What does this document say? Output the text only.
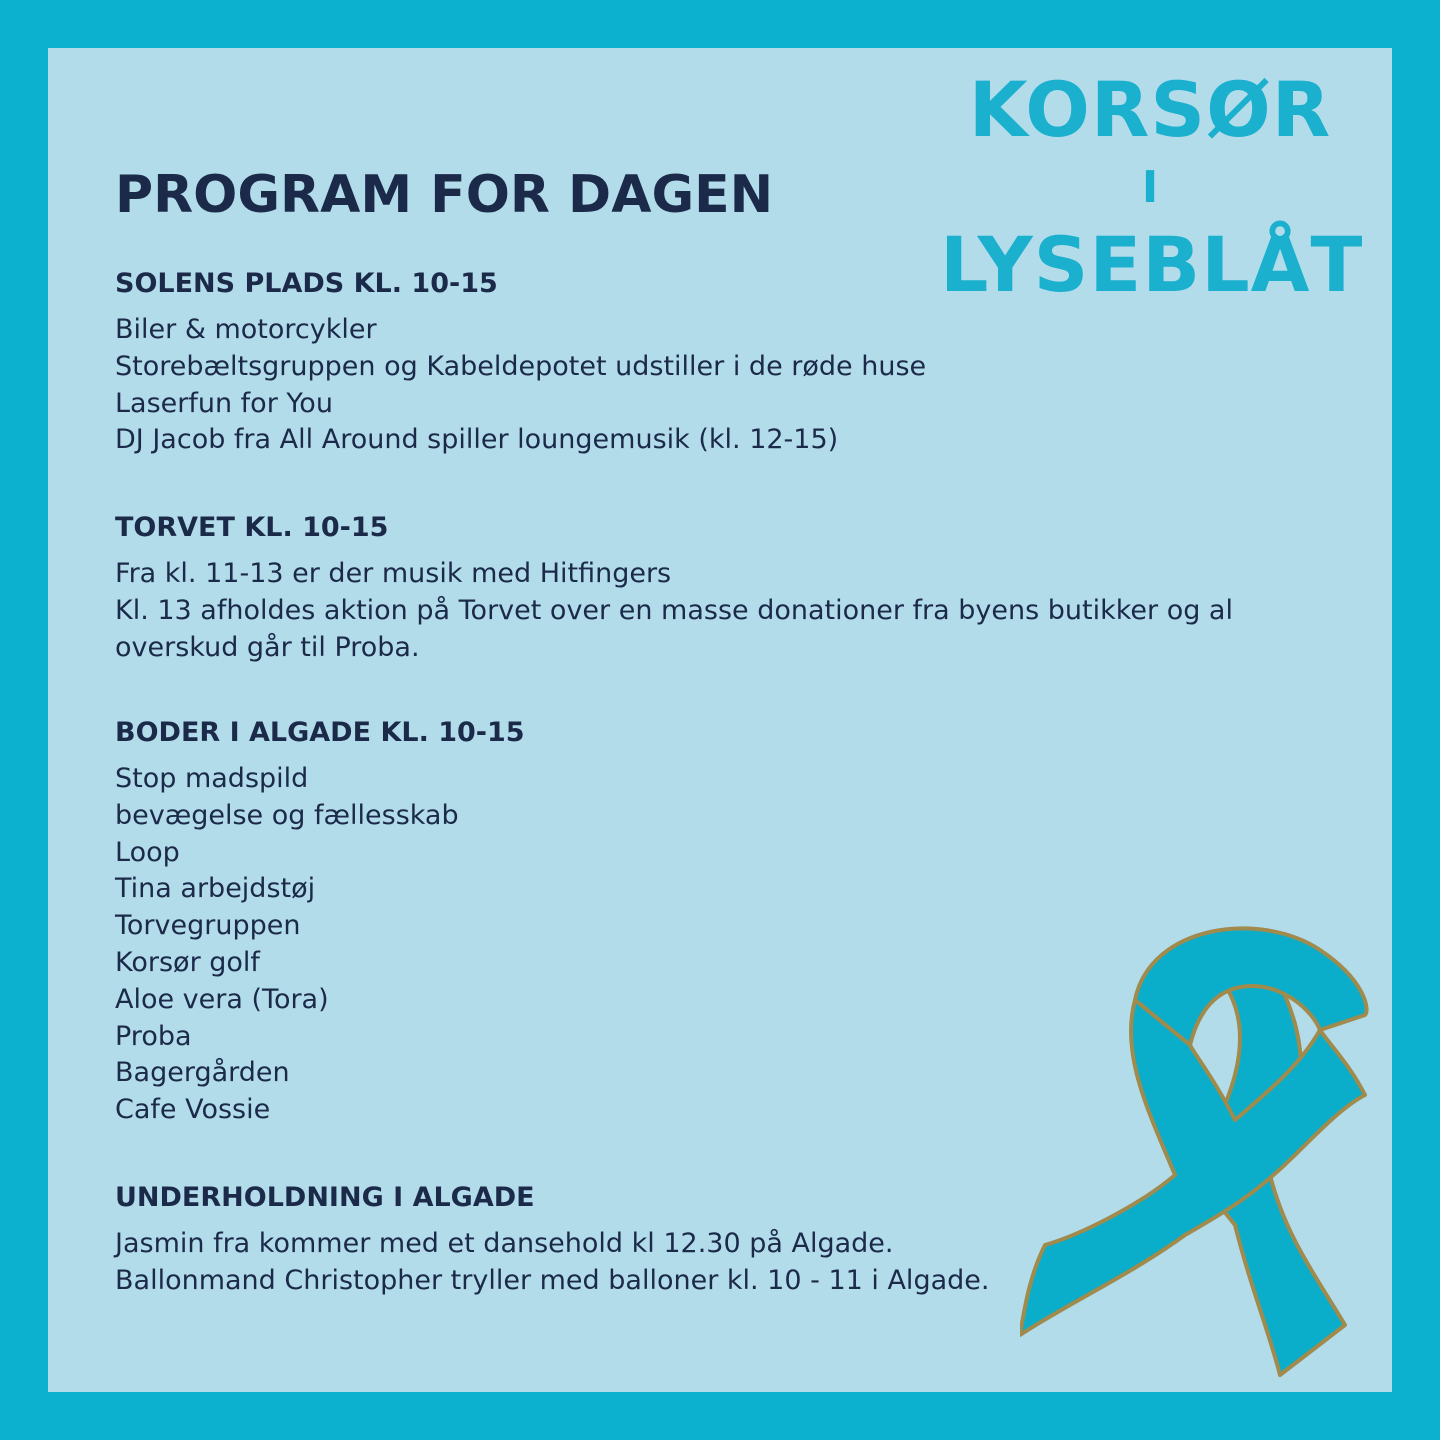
KORSØR
I
LYSEBLÅT
PROGRAM FOR DAGEN
SOLENS PLADS KL. 10-15
Biler & motorcykler
Storebæltsgruppen og Kabeldepotet udstiller i de røde huse
Laserfun for You
DJ Jacob fra All Around spiller loungemusik (kl. 12-15)
TORVET KL. 10-15
Fra kl. 11-13 er der musik med Hitfingers
Kl. 13 afholdes aktion på Torvet over en masse donationer fra byens butikker og al overskud går til Proba.
BODER I ALGADE KL. 10-15
Stop madspild
bevægelse og fællesskab
Loop
Tina arbejdstøj
Torvegruppen
Korsør golf
Aloe vera (Tora)
Proba
Bagergården
Cafe Vossie
UNDERHOLDNING I ALGADE
Jasmin fra kommer med et dansehold kl 12.30 på Algade.
Ballonmand Christopher tryller med balloner kl. 10 - 11 i Algade.
